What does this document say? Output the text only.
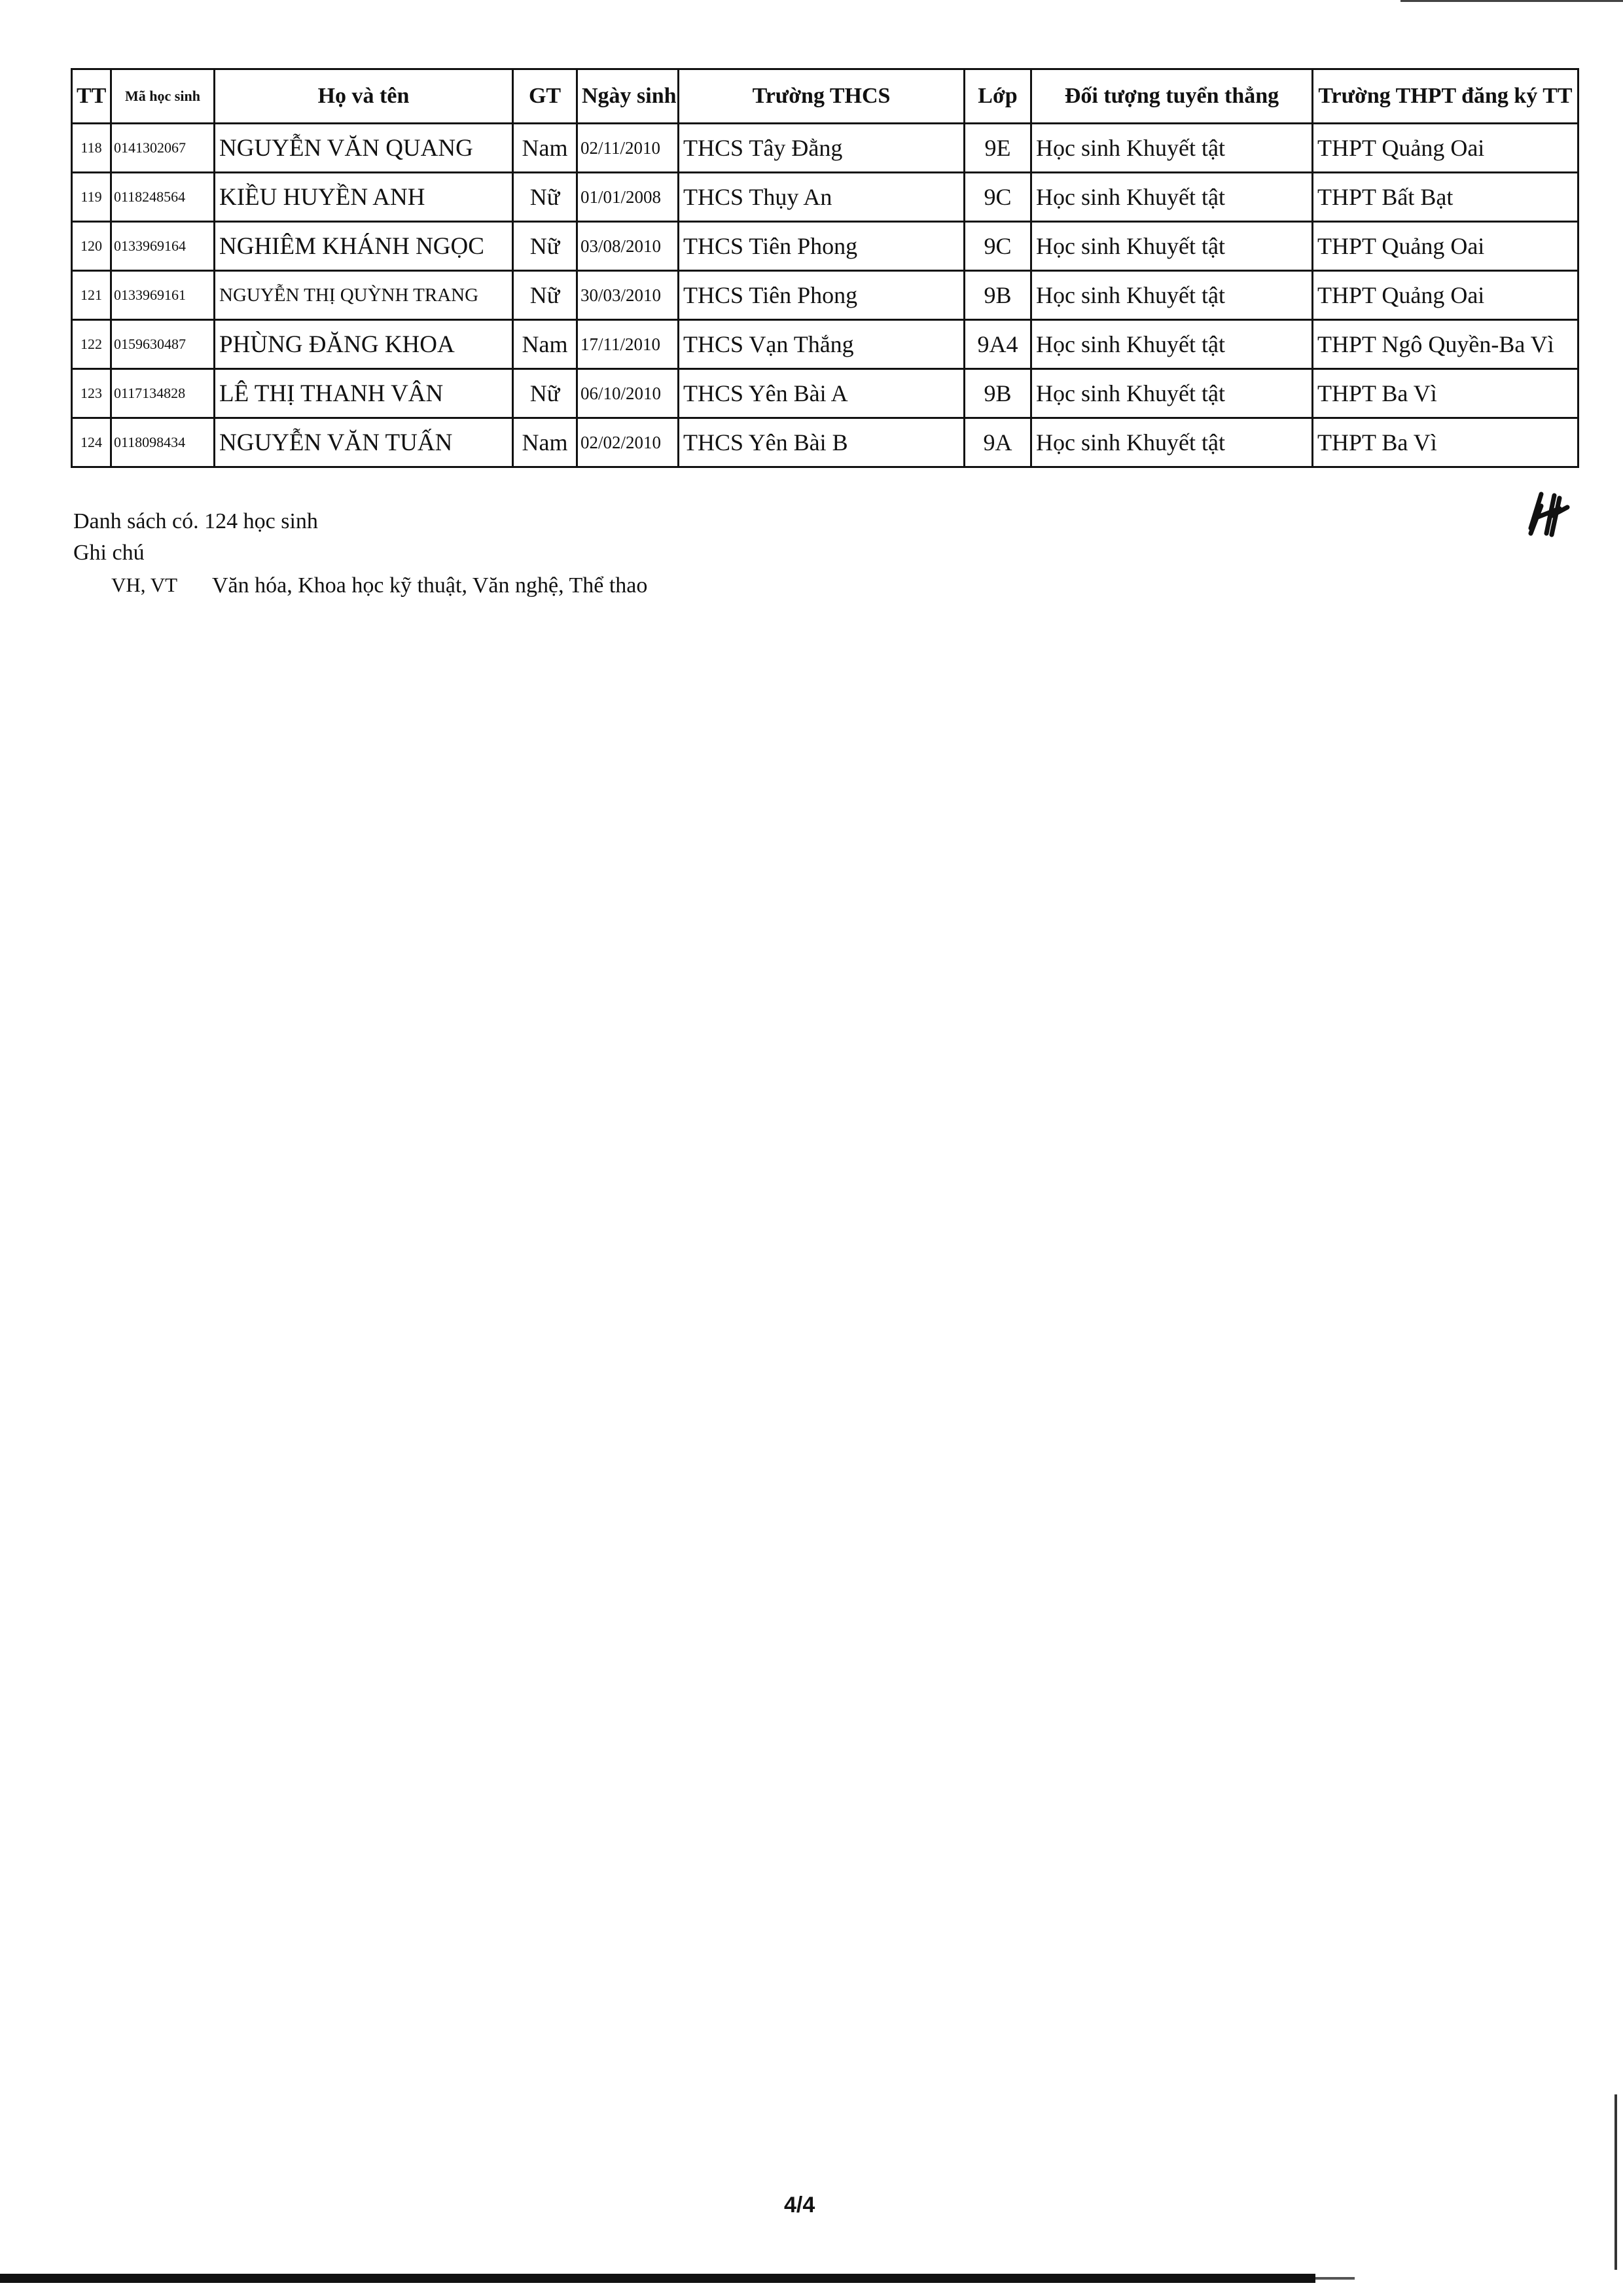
TT	Mã học sinh	Họ và tên	GT	Ngày sinh	Trường THCS	Lớp	Đối tượng tuyển thẳng	Trường THPT đăng ký TT
118	0141302067	NGUYỄN VĂN QUANG	Nam	02/11/2010	THCS Tây Đằng	9E	Học sinh Khuyết tật	THPT Quảng Oai
119	0118248564	KIỀU HUYỀN ANH	Nữ	01/01/2008	THCS Thụy An	9C	Học sinh Khuyết tật	THPT Bất Bạt
120	0133969164	NGHIÊM KHÁNH NGỌC	Nữ	03/08/2010	THCS Tiên Phong	9C	Học sinh Khuyết tật	THPT Quảng Oai
121	0133969161	NGUYỄN THỊ QUỲNH TRANG	Nữ	30/03/2010	THCS Tiên Phong	9B	Học sinh Khuyết tật	THPT Quảng Oai
122	0159630487	PHÙNG ĐĂNG KHOA	Nam	17/11/2010	THCS Vạn Thắng	9A4	Học sinh Khuyết tật	THPT Ngô Quyền-Ba Vì
123	0117134828	LÊ THỊ THANH VÂN	Nữ	06/10/2010	THCS Yên Bài A	9B	Học sinh Khuyết tật	THPT Ba Vì
124	0118098434	NGUYỄN VĂN TUẤN	Nam	02/02/2010	THCS Yên Bài B	9A	Học sinh Khuyết tật	THPT Ba Vì
Danh sách có. 124 học sinh
Ghi chú
VH, VT Văn hóa, Khoa học kỹ thuật, Văn nghệ, Thể thao
4/4
